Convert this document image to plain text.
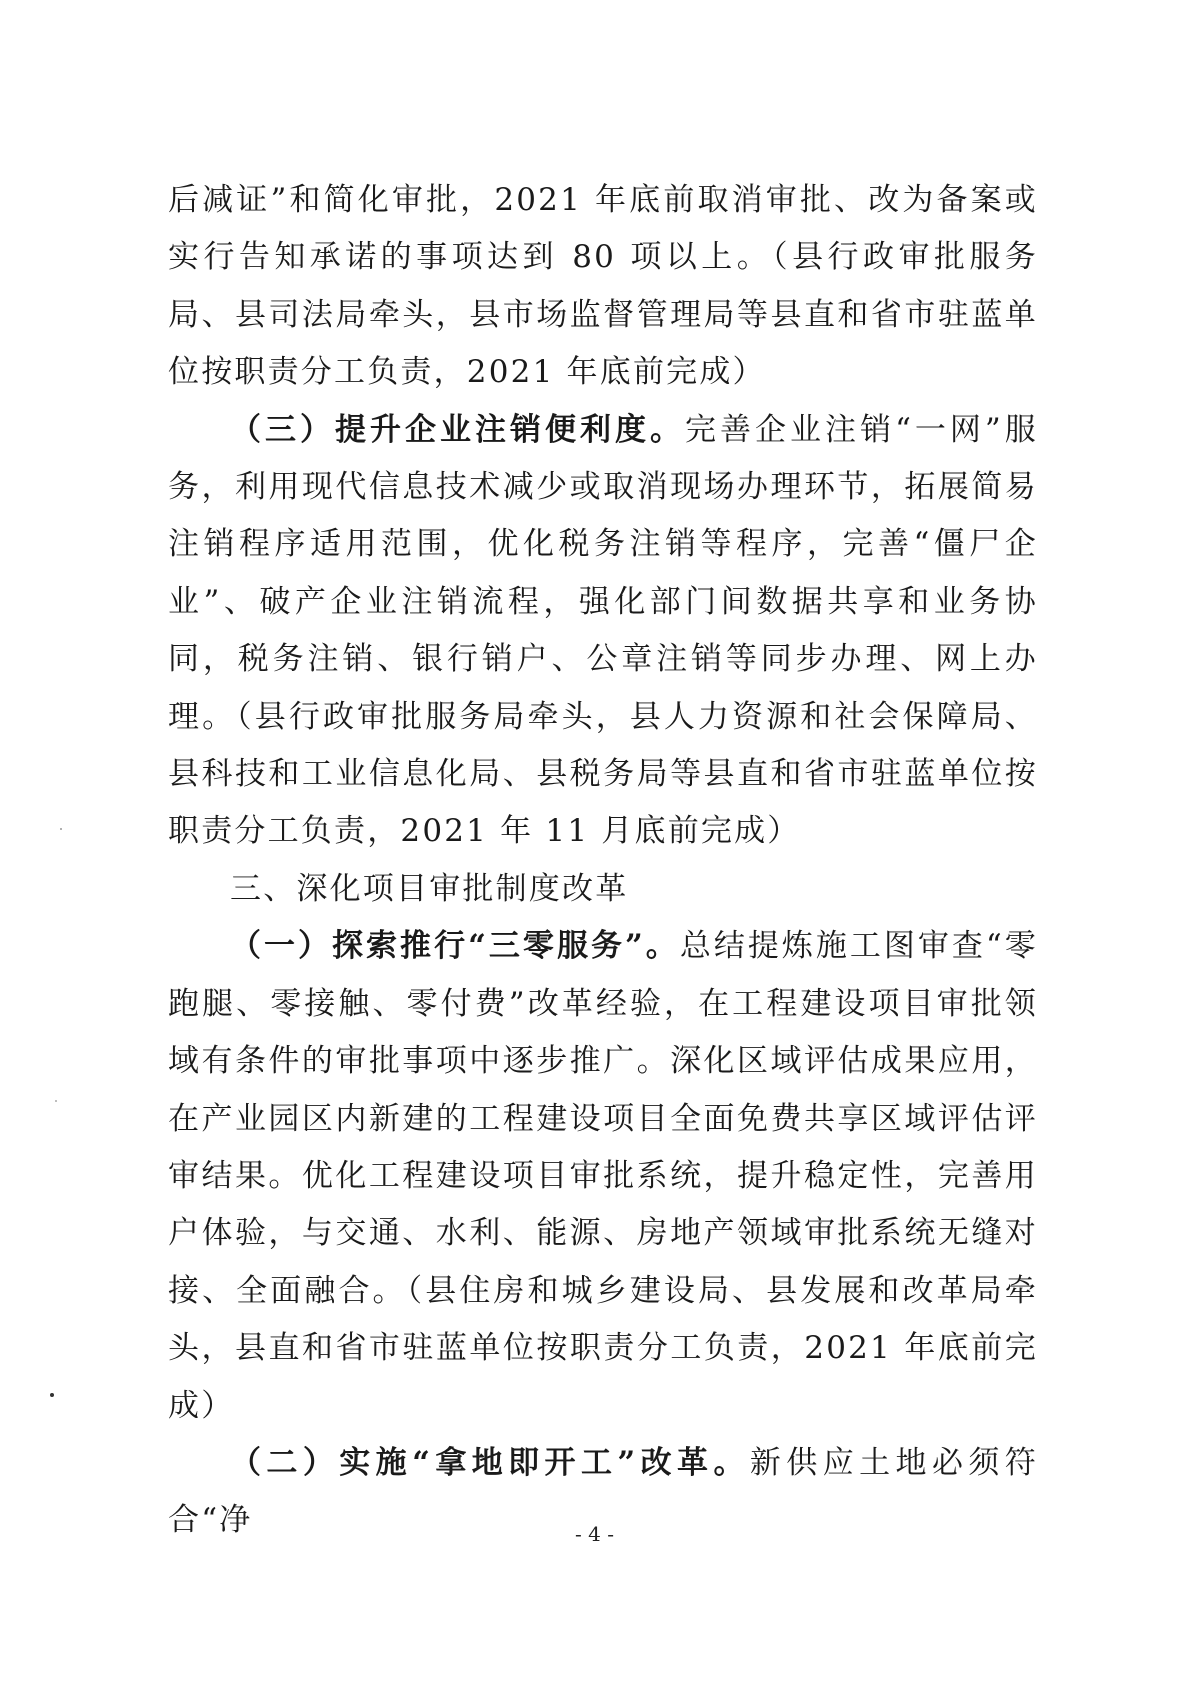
后减证”和简化审批，2021 年底前取消审批、改为备案或实行告知承诺的事项达到 80 项以上。（县行政审批服务局、县司法局牵头，县市场监督管理局等县直和省市驻蓝单位按职责分工负责，2021 年底前完成）

（三）提升企业注销便利度。完善企业注销“一网”服务，利用现代信息技术减少或取消现场办理环节，拓展简易注销程序适用范围，优化税务注销等程序，完善“僵尸企业”、破产企业注销流程，强化部门间数据共享和业务协同，税务注销、银行销户、公章注销等同步办理、网上办理。（县行政审批服务局牵头，县人力资源和社会保障局、县科技和工业信息化局、县税务局等县直和省市驻蓝单位按职责分工负责，2021 年 11 月底前完成）

三、深化项目审批制度改革

（一）探索推行“三零服务”。总结提炼施工图审查“零跑腿、零接触、零付费”改革经验，在工程建设项目审批领域有条件的审批事项中逐步推广。深化区域评估成果应用，在产业园区内新建的工程建设项目全面免费共享区域评估评审结果。优化工程建设项目审批系统，提升稳定性，完善用户体验，与交通、水利、能源、房地产领域审批系统无缝对接、全面融合。（县住房和城乡建设局、县发展和改革局牵头，县直和省市驻蓝单位按职责分工负责，2021 年底前完成）

（二）实施“拿地即开工”改革。新供应土地必须符合“净	- 4 -
